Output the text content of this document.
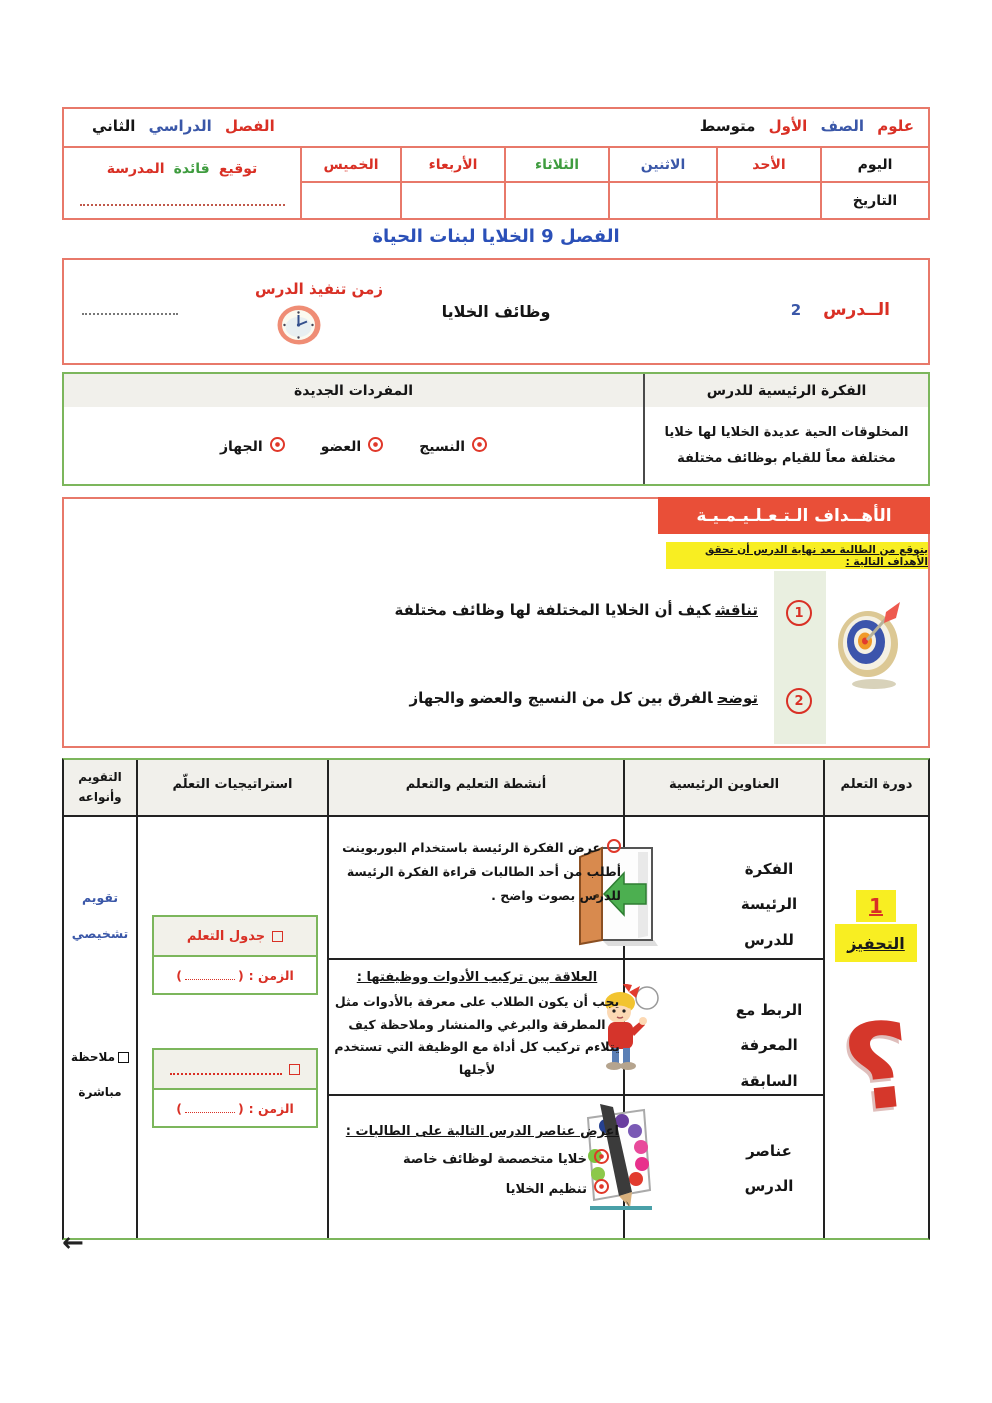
علوم الصف الأول متوسط
الفصل الدراسي الثاني
اليوم
الأحد
الاثنين
الثلاثاء
الأربعاء
الخميس
توقيع قائدة المدرسة
التاريخ
الفصل 9 الخلايا لبنات الحياة
الــدرس 2
وظائف الخلايا
زمن تنفيذ الدرس
الفكرة الرئيسية للدرس
المفردات الجديدة
المخلوقات الحية عديدة الخلايا لها خلايا مختلفة معاً للقيام بوظائف مختلفة
النسيج
العضو
الجهاز
الأهــداف الـتـعـلـيـمـيـة
يتوقع من الطالبة بعد نهاية الدرس أن تحقق الأهداف التالية :
1
2
تناقشكيف أن الخلايا المختلفة لها وظائف مختلفة
توضحالفرق بين كل من النسيج والعضو والجهاز
دورة التعلم
العناوين الرئيسية
أنشطة التعليم والتعلم
استراتيجيات التعلّم
التقويم
وأنواعه
1
التحفيز
?
الفكرة
الرئيسة
للدرس
الربط مع
المعرفة
السابقة
عناصر
الدرس
عرض الفكرة الرئيسة باستخدام البوربوينت أطلب من أحد الطالبات قراءة الفكرة الرئيسة للدرس بصوت واضح .
العلاقة بين تركيب الأدوات ووظيفتها :
يجب أن يكون الطلاب على معرفة بالأدوات مثل المطرقة والبرغي والمنشار وملاحظة كيف يتلاءم تركيب كل أداة مع الوظيفة التي تستخدم لأجلها
اعرض عناصر الدرس التالية على الطالبات :
خلايا متخصصة لوظائف خاصة
تنظيم الخلايا
جدول التعلم
الزمن :
(	)
الزمن :
(	)
تقويم
تشخيصي
ملاحظة
مباشرة
←
